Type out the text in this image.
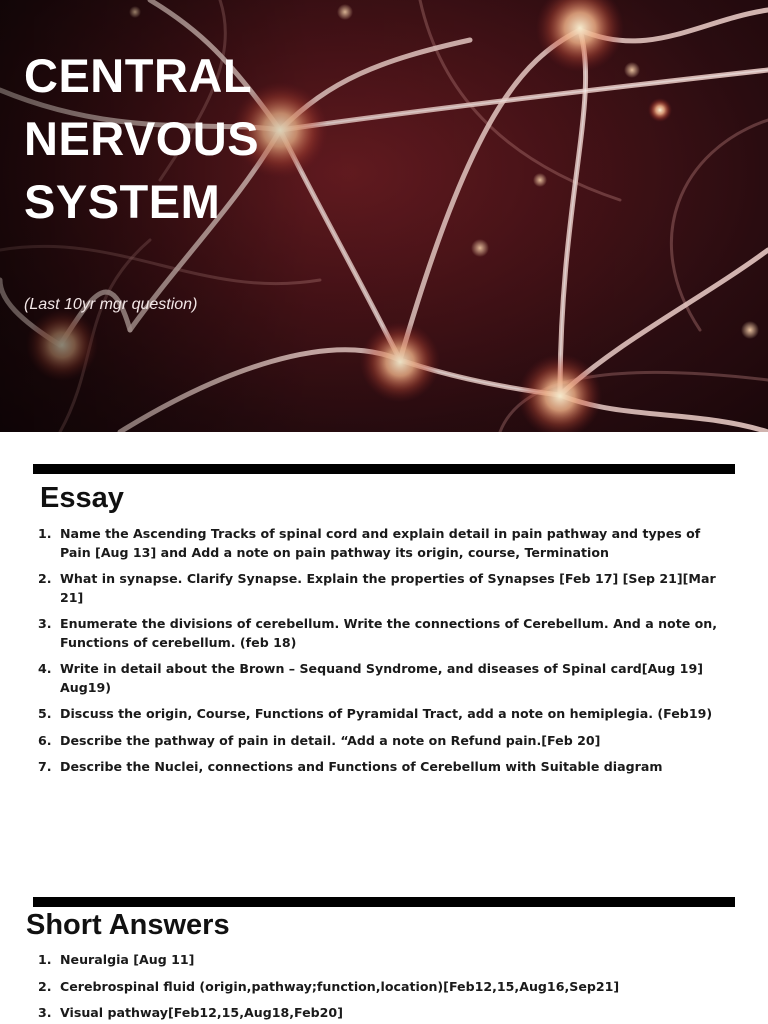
CENTRAL
NERVOUS
SYSTEM

(Last 10yr mgr question)

Essay
1. Name the Ascending Tracks of spinal cord and explain detail in pain pathway and types of Pain [Aug 13] and Add a note on pain pathway its origin, course, Termination
2. What in synapse. Clarify Synapse. Explain the properties of Synapses [Feb 17] [Sep 21][Mar 21]
3. Enumerate the divisions of cerebellum. Write the connections of Cerebellum. And a note on, Functions of cerebellum. (feb 18)
4. Write in detail about the Brown – Sequand Syndrome, and diseases of Spinal card[Aug 19] Aug19)
5. Discuss the origin, Course, Functions of Pyramidal Tract, add a note on hemiplegia. (Feb19)
6. Describe the pathway of pain in detail. “Add a note on Refund pain.[Feb 20]
7. Describe the Nuclei, connections and Functions of Cerebellum with Suitable diagram
Short Answers
1. Neuralgia [Aug 11]
2. Cerebrospinal fluid (origin,pathway;function,location)[Feb12,15,Aug16,Sep21]
3. Visual pathway[Feb12,15,Aug18,Feb20]
